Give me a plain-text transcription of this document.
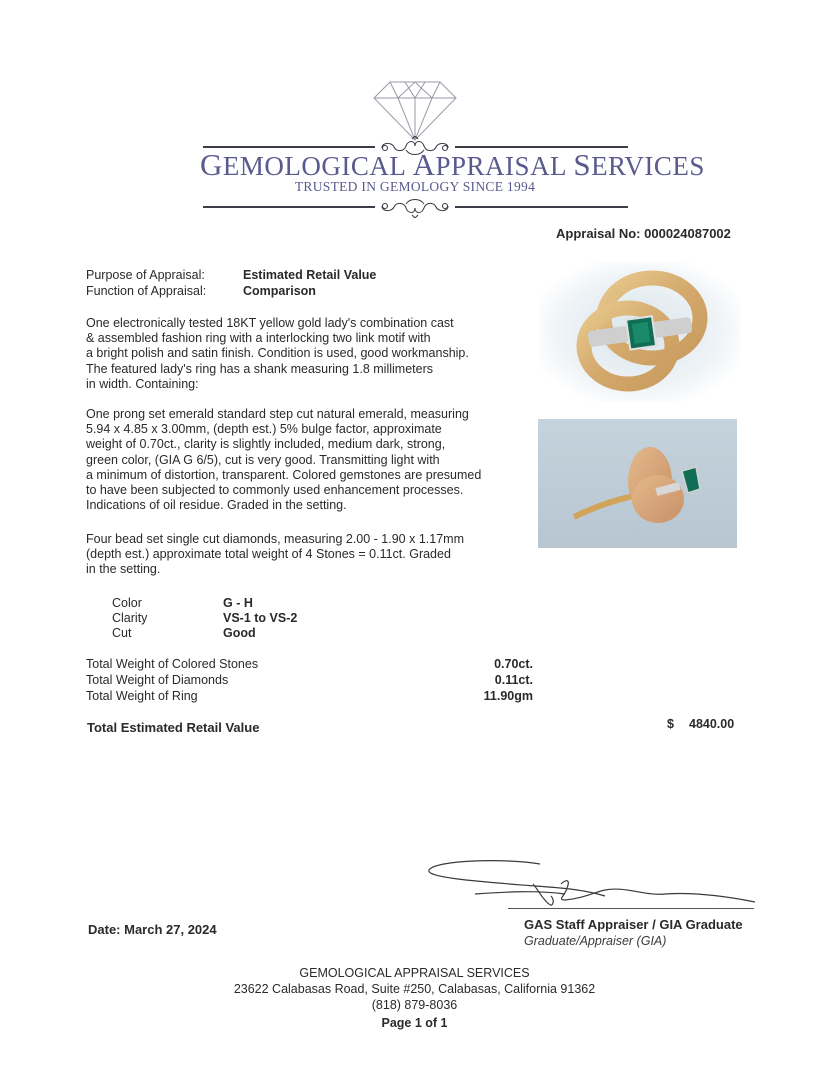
GEMOLOGICAL APPRAISAL SERVICES
TRUSTED IN GEMOLOGY SINCE 1994
Appraisal No: 000024087002
Purpose of Appraisal:	Estimated Retail Value
Function of Appraisal:	Comparison
One electronically tested 18KT yellow gold lady's combination cast
& assembled fashion ring with a interlocking two link motif with
a bright polish and satin finish. Condition is used, good workmanship.
The featured lady's ring has a shank measuring 1.8 millimeters
in width. Containing:
One prong set emerald standard step cut natural emerald, measuring
5.94 x 4.85 x 3.00mm, (depth est.) 5% bulge factor, approximate
weight of 0.70ct., clarity is slightly included, medium dark, strong,
green color, (GIA G 6/5), cut is very good. Transmitting light with
a minimum of distortion, transparent. Colored gemstones are presumed
to have been subjected to commonly used enhancement processes.
Indications of oil residue. Graded in the setting.
Four bead set single cut diamonds, measuring 2.00 - 1.90 x 1.17mm
(depth est.) approximate total weight of 4 Stones = 0.11ct. Graded
in the setting.
Color	G - H
Clarity	VS-1 to VS-2
Cut	Good
Total Weight of Colored Stones	0.70ct.
Total Weight of Diamonds	0.11ct.
Total Weight of Ring	11.90gm
Total Estimated Retail Value	$ 4840.00
GAS Staff Appraiser / GIA Graduate
Graduate/Appraiser (GIA)
Date: March 27, 2024
GEMOLOGICAL APPRAISAL SERVICES
23622 Calabasas Road, Suite #250, Calabasas, California 91362
(818) 879-8036
Page 1 of 1
